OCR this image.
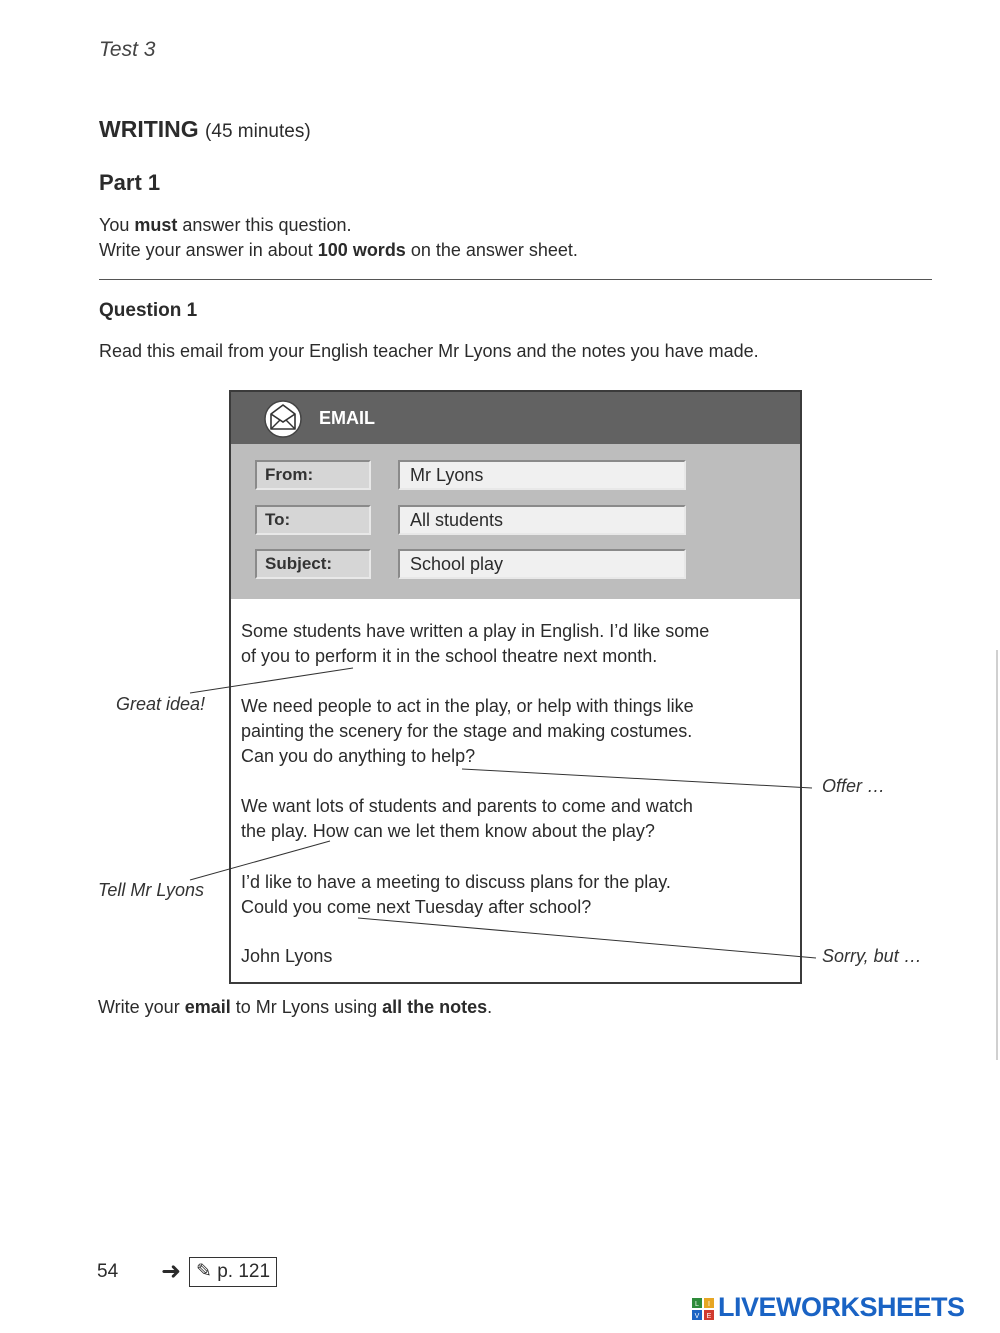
Test 3
WRITING (45 minutes)
Part 1
You must answer this question.
Write your answer in about 100 words on the answer sheet.
Question 1
Read this email from your English teacher Mr Lyons and the notes you have made.
EMAIL
From:	Mr Lyons
To:	All students
Subject:	School play
Some students have written a play in English. I’d like some
of you to perform it in the school theatre next month.
We need people to act in the play, or help with things like
painting the scenery for the stage and making costumes.
Can you do anything to help?
We want lots of students and parents to come and watch
the play. How can we let them know about the play?
I’d like to have a meeting to discuss plans for the play.
Could you come next Tuesday after school?
John Lyons
Great idea!
Offer …
Tell Mr Lyons
Sorry, but …
Write your email to Mr Lyons using all the notes.
54 ➜ ✎ p. 121
L I
V E LIVEWORKSHEETS
